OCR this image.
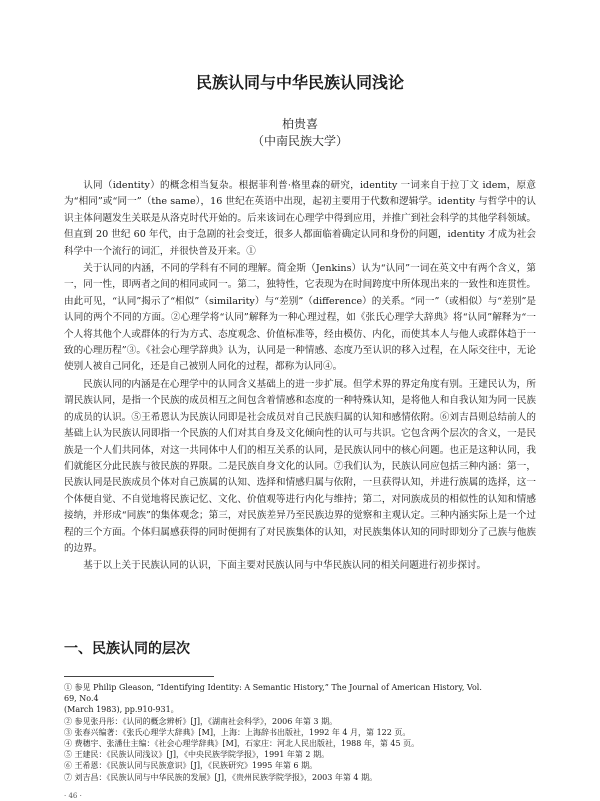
民族认同与中华民族认同浅论
柏贵喜
（中南民族大学）

认同（identity）的概念相当复杂。根据菲利普·格里森的研究，identity 一词来自于拉丁文 idem，原意为“相同”或“同一”（the same），16 世纪在英语中出现，起初主要用于代数和逻辑学。identity 与哲学中的认识主体问题发生关联是从洛克时代开始的。后来该词在心理学中得到应用，并推广到社会科学的其他学科领域。但直到 20 世纪 60 年代，由于急剧的社会变迁，很多人都面临着确定认同和身份的问题，identity 才成为社会科学中一个流行的词汇，并很快普及开来。①

关于认同的内涵，不同的学科有不同的理解。简金斯（Jenkins）认为“认同”一词在英文中有两个含义，第一，同一性，即两者之间的相同或同一。第二，独特性，它表现为在时间跨度中所体现出来的一致性和连贯性。由此可见，“认同”揭示了“相似”（similarity）与“差别”（difference）的关系。“同一”（或相似）与“差别”是认同的两个不同的方面。②心理学将“认同”解释为一种心理过程，如《张氏心理学大辞典》将“认同”解释为“一个人将其他个人或群体的行为方式、态度观念、价值标准等，经由模仿、内化，而使其本人与他人或群体趋于一致的心理历程”③。《社会心理学辞典》认为，认同是一种情感、态度乃至认识的移入过程，在人际交往中，无论使别人被自己同化，还是自己被别人同化的过程，都称为认同④。

民族认同的内涵是在心理学中的认同含义基础上的进一步扩展。但学术界的界定角度有别。王建民认为，所谓民族认同，是指一个民族的成员相互之间包含着情感和态度的一种特殊认知，是将他人和自我认知为同一民族的成员的认识。⑤王希恩认为民族认同即是社会成员对自己民族归属的认知和感情依附。⑥刘吉昌则总结前人的基础上认为民族认同即指一个民族的人们对其自身及文化倾向性的认可与共识。它包含两个层次的含义，一是民族是一个人们共同体，对这一共同体中人们的相互关系的认同，是民族认同中的核心问题。也正是这种认同，我们就能区分此民族与彼民族的界限。二是民族自身文化的认同。⑦我们认为，民族认同应包括三种内涵：第一，民族认同是民族成员个体对自己族属的认知、选择和情感归属与依附，一旦获得认知，并进行族属的选择，这一个体便自觉、不自觉地将民族记忆、文化、价值观等进行内化与维持；第二，对同族成员的相似性的认知和情感接纳，并形成“同族”的集体观念；第三，对民族差异乃至民族边界的觉察和主观认定。三种内涵实际上是一个过程的三个方面。个体归属感获得的同时便拥有了对民族集体的认知，对民族集体认知的同时即划分了己族与他族的边界。

基于以上关于民族认同的认识，下面主要对民族认同与中华民族认同的相关问题进行初步探讨。

一、民族认同的层次
① 参见 Philip Gleason, “Identifying Identity: A Semantic History,” The Journal of American History, Vol.
69, No.4
(March 1983), pp.910-931。
② 参见张丹彤：《认同的概念辨析》[J]，《湖南社会科学》，2006 年第 3 期。
③ 张春兴编著：《张氏心理学大辞典》[M]，上海：上海辞书出版社，1992 年 4 月，第 122 页。
④ 费穗宇、张潘仕主编：《社会心理学辞典》[M]，石家庄：河北人民出版社，1988 年，第 45 页。
⑤ 王建民：《民族认同浅议》[J]，《中央民族学院学报》，1991 年第 2 期。
⑥ 王希恩：《民族认同与民族意识》[J]，《民族研究》1995 年第 6 期。
⑦ 刘吉昌：《民族认同与中华民族的发展》[J]，《贵州民族学院学报》，2003 年第 4 期。
· 46 ·
